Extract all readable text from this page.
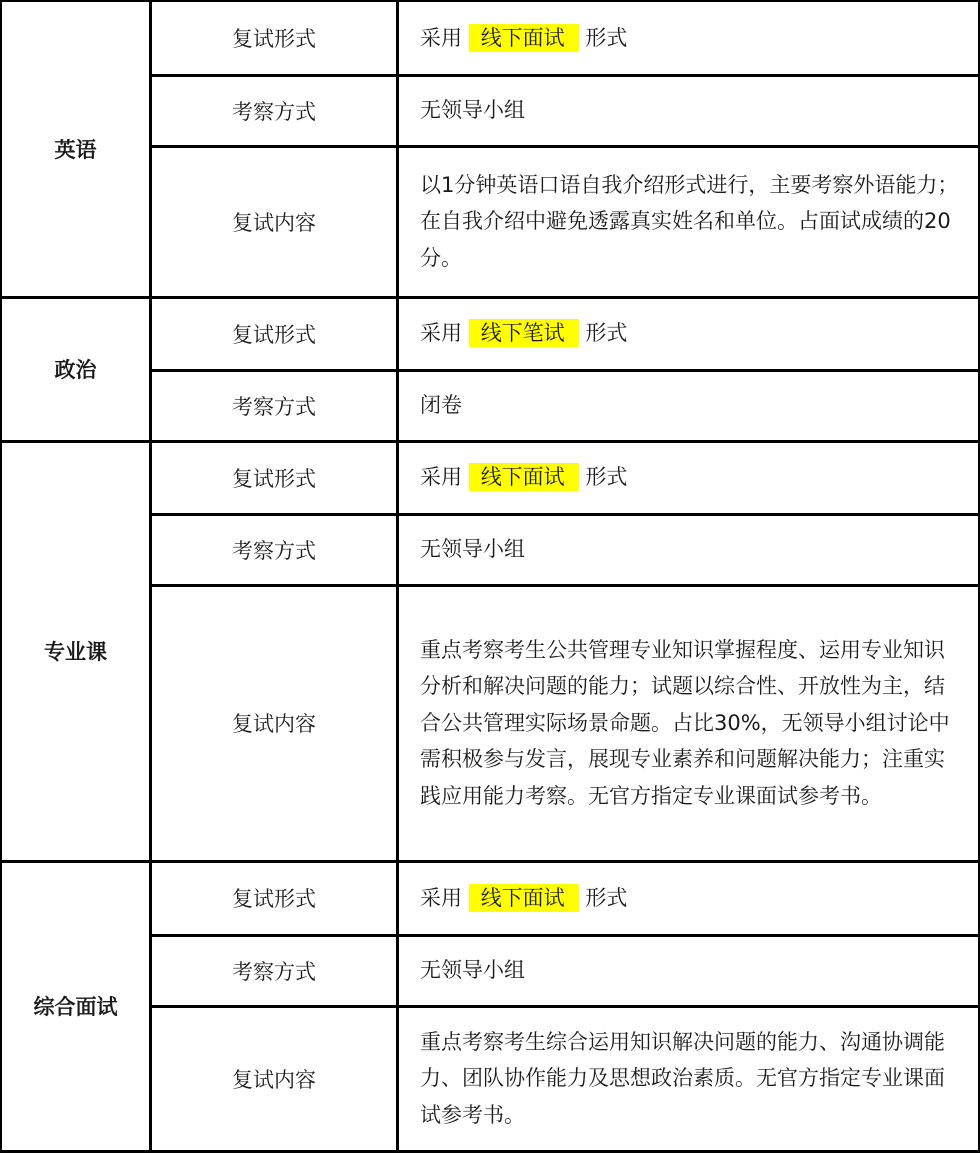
英语	复试形式	采用 线下面试 形式
	考察方式	无领导小组
	复试内容	以1分钟英语口语自我介绍形式进行，主要考察外语能力；在自我介绍中避免透露真实姓名和单位。占面试成绩的20分。
政治	复试形式	采用 线下笔试 形式
	考察方式	闭卷
专业课	复试形式	采用 线下面试 形式
	考察方式	无领导小组
	复试内容	重点考察考生公共管理专业知识掌握程度、运用专业知识分析和解决问题的能力；试题以综合性、开放性为主，结合公共管理实际场景命题。占比30%，无领导小组讨论中需积极参与发言，展现专业素养和问题解决能力；注重实践应用能力考察。无官方指定专业课面试参考书。
综合面试	复试形式	采用 线下面试 形式
	考察方式	无领导小组
	复试内容	重点考察考生综合运用知识解决问题的能力、沟通协调能力、团队协作能力及思想政治素质。无官方指定专业课面试参考书。
